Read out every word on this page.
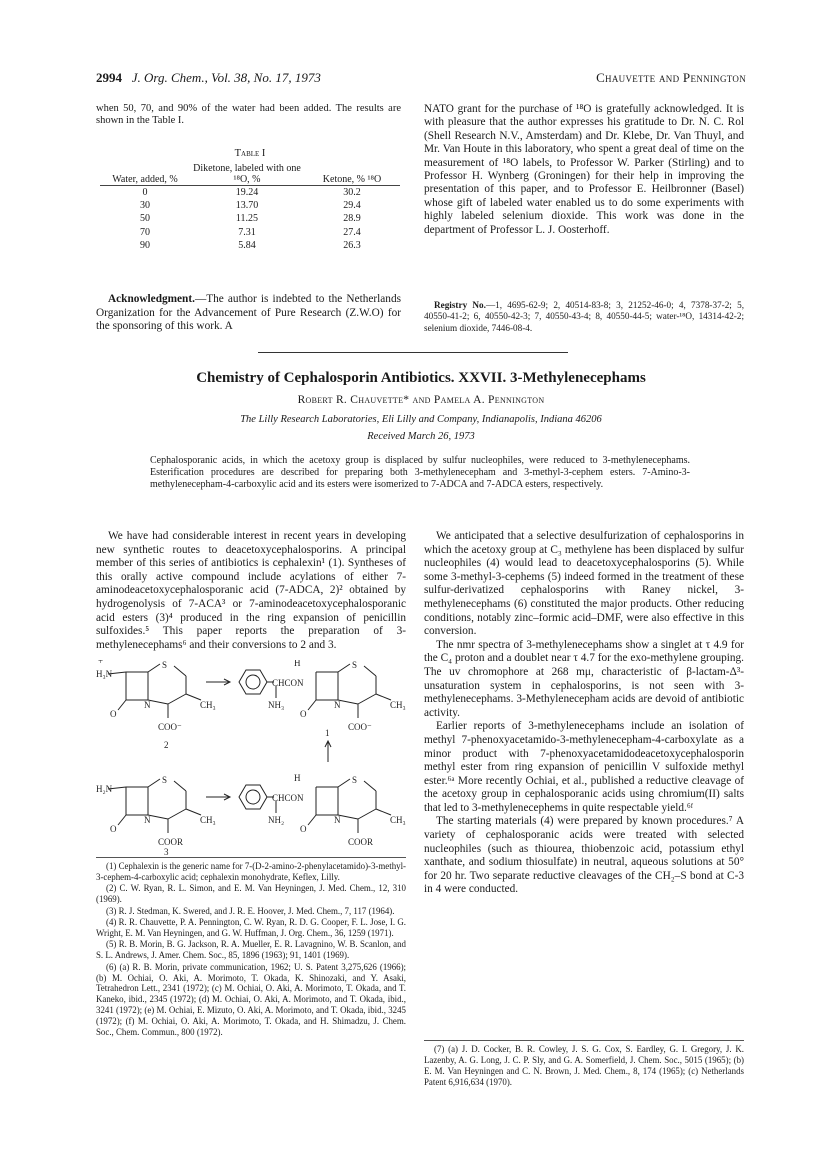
2994 J. Org. Chem., Vol. 38, No. 17, 1973	Chauvette and Pennington

when 50, 70, and 90% of the water had been added. The results are shown in the Table I.

Table I
Water, added, %	Diketone, labeled with one ¹⁸O, %	Ketone, % ¹⁸O
0	19.24	30.2
30	13.70	29.4
50	11.25	28.9
70	7.31	27.4
90	5.84	26.3

Acknowledgment.—The author is indebted to the Netherlands Organization for the Advancement of Pure Research (Z.W.O) for the sponsoring of this work. A

NATO grant for the purchase of ¹⁸O is gratefully acknowledged. It is with pleasure that the author expresses his gratitude to Dr. N. C. Rol (Shell Research N.V., Amsterdam) and Dr. Klebe, Dr. Van Thuyl, and Mr. Van Houte in this laboratory, who spent a great deal of time on the measurement of ¹⁸O labels, to Professor W. Parker (Stirling) and to Professor H. Wynberg (Groningen) for their help in improving the presentation of this paper, and to Professor E. Heilbronner (Basel) whose gift of labeled water enabled us to do some experiments with highly labeled selenium dioxide. This work was done in the department of Professor L. J. Oosterhoff.

Registry No.—1, 4695-62-9; 2, 40514-83-8; 3, 21252-46-0; 4, 7378-37-2; 5, 40550-41-2; 6, 40550-42-3; 7, 40550-43-4; 8, 40550-44-5; water-¹⁸O, 14314-42-2; selenium dioxide, 7446-08-4.

Chemistry of Cephalosporin Antibiotics. XXVII. 3-Methylenecephams
Robert R. Chauvette* and Pamela A. Pennington
The Lilly Research Laboratories, Eli Lilly and Company, Indianapolis, Indiana 46206
Received March 26, 1973
Cephalosporanic acids, in which the acetoxy group is displaced by sulfur nucleophiles, were reduced to 3-methylenecephams. Esterification procedures are described for preparing both 3-methylenecepham and 3-methyl-3-cephem esters. 7-Amino-3-methylenecepham-4-carboxylic acid and its esters were isomerized to 7-ADCA and 7-ADCA esters, respectively.

We have had considerable interest in recent years in developing new synthetic routes to deacetoxycephalosporins. A principal member of this series of antibiotics is cephalexin¹ (1). Syntheses of this orally active compound include acylations of either 7-aminodeacetoxycephalosporanic acid (7-ADCA, 2)² obtained by hydrogenolysis of 7-ACA³ or 7-aminodeacetoxycephalosporanic acid esters (3)⁴ produced in the ring expansion of penicillin sulfoxides.⁵ This paper reports the preparation of 3-methylenecephams⁶ and their conversions to 2 and 3.

+
H₃N
S
N
O
CH₃
COO⁻
2
H
CHCON
NH₃
S
N
O
CH₃
COO⁻
1
H₂N
S
N
O
CH₃
COOR
3
H
CHCON
NH₂
S
N
O
CH₃
COOR

(1) Cephalexin is the generic name for 7-(D-2-amino-2-phenylacetamido)-3-methyl-3-cephem-4-carboxylic acid; cephalexin monohydrate, Keflex, Lilly.

(2) C. W. Ryan, R. L. Simon, and E. M. Van Heyningen, J. Med. Chem., 12, 310 (1969).

(3) R. J. Stedman, K. Swered, and J. R. E. Hoover, J. Med. Chem., 7, 117 (1964).

(4) R. R. Chauvette, P. A. Pennington, C. W. Ryan, R. D. G. Cooper, F. L. Jose, I. G. Wright, E. M. Van Heyningen, and G. W. Huffman, J. Org. Chem., 36, 1259 (1971).

(5) R. B. Morin, B. G. Jackson, R. A. Mueller, E. R. Lavagnino, W. B. Scanlon, and S. L. Andrews, J. Amer. Chem. Soc., 85, 1896 (1963); 91, 1401 (1969).

(6) (a) R. B. Morin, private communication, 1962; U. S. Patent 3,275,626 (1966); (b) M. Ochiai, O. Aki, A. Morimoto, T. Okada, K. Shinozaki, and Y. Asaki, Tetrahedron Lett., 2341 (1972); (c) M. Ochiai, O. Aki, A. Morimoto, T. Okada, and T. Kaneko, ibid., 2345 (1972); (d) M. Ochiai, O. Aki, A. Morimoto, and T. Okada, ibid., 3241 (1972); (e) M. Ochiai, E. Mizuto, O. Aki, A. Morimoto, and T. Okada, ibid., 3245 (1972); (f) M. Ochiai, O. Aki, A. Morimoto, T. Okada, and H. Shimadzu, J. Chem. Soc., Chem. Commun., 800 (1972).

We anticipated that a selective desulfurization of cephalosporins in which the acetoxy group at C₃ methylene has been displaced by sulfur nucleophiles (4) would lead to deacetoxycephalosporins (5). While some 3-methyl-3-cephems (5) indeed formed in the treatment of these sulfur-derivatized cephalosporins with Raney nickel, 3-methylenecephams (6) constituted the major products. Other reducing conditions, notably zinc–formic acid–DMF, were also effective in this conversion.

The nmr spectra of 3-methylenecephams show a singlet at τ 4.9 for the C₄ proton and a doublet near τ 4.7 for the exo-methylene grouping. The uv chromophore at 268 mμ, characteristic of β-lactam-Δ³-unsaturation system in cephalosporins, is not seen with 3-methylenecephams. 3-Methylenecepham acids are devoid of antibiotic activity.

Earlier reports of 3-methylenecephams include an isolation of methyl 7-phenoxyacetamido-3-methylenecepham-4-carboxylate as a minor product with 7-phenoxyacetamidodeacetoxycephalosporin methyl ester from ring expansion of penicillin V sulfoxide methyl ester.⁶ᵃ More recently Ochiai, et al., published a reductive cleavage of the acetoxy group in cephalosporanic acids using chromium(II) salts that led to 3-methylenecephems in quite respectable yield.⁶ᶠ

The starting materials (4) were prepared by known procedures.⁷ A variety of cephalosporanic acids were treated with selected nucleophiles (such as thiourea, thiobenzoic acid, potassium ethyl xanthate, and sodium thiosulfate) in neutral, aqueous solutions at 50° for 20 hr. Two separate reductive cleavages of the CH₂–S bond at C-3 in 4 were conducted.

(7) (a) J. D. Cocker, B. R. Cowley, J. S. G. Cox, S. Eardley, G. I. Gregory, J. K. Lazenby, A. G. Long, J. C. P. Sly, and G. A. Somerfield, J. Chem. Soc., 5015 (1965); (b) E. M. Van Heyningen and C. N. Brown, J. Med. Chem., 8, 174 (1965); (c) Netherlands Patent 6,916,634 (1970).
